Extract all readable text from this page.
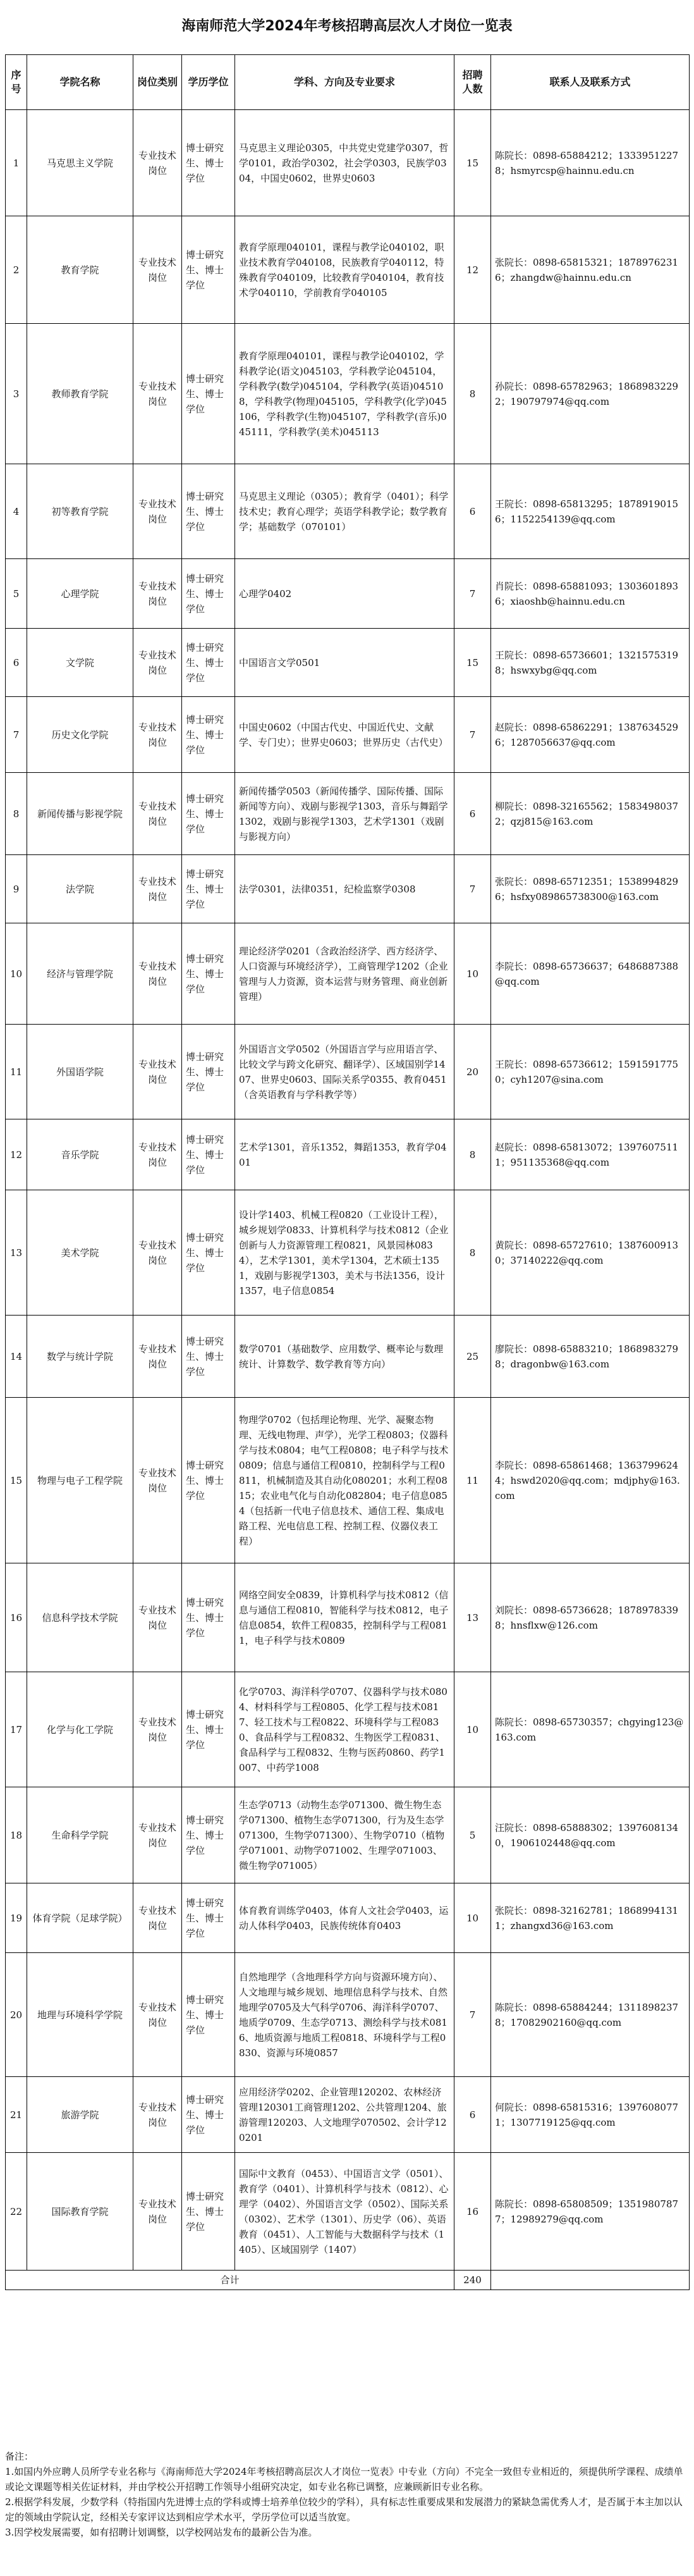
海南师范大学2024年考核招聘高层次人才岗位一览表
序号	学院名称	岗位类别	学历学位	学科、方向及专业要求	招聘人数	联系人及联系方式
1	马克思主义学院	专业技术岗位	博士研究生、博士学位	马克思主义理论0305，中共党史党建学0307，哲学0101，政治学0302，社会学0303，民族学0304，中国史0602，世界史0603	15	陈院长：0898-65884212；13339512278；hsmyrcsp@hainnu.edu.cn
2	教育学院	专业技术岗位	博士研究生、博士学位	教育学原理040101，课程与教学论040102，职业技术教育学040108，民族教育学040112，特殊教育学040109，比较教育学040104，教育技术学040110，学前教育学040105	12	张院长：0898-65815321；18789762316；zhangdw@hainnu.edu.cn
3	教师教育学院	专业技术岗位	博士研究生、博士学位	教育学原理040101，课程与教学论040102，学科教学论(语文)045103，学科教学论045104，学科教学(数学)045104，学科教学(英语)045108，学科教学(物理)045105，学科教学(化学)045106，学科教学(生物)045107，学科教学(音乐)045111，学科教学(美术)045113	8	孙院长：0898-65782963；18689832292；190797974@qq.com
4	初等教育学院	专业技术岗位	博士研究生、博士学位	马克思主义理论（0305）；教育学（0401）；科学技术史；教育心理学；英语学科教学论；数学教育学；基础数学（070101）	6	王院长：0898-65813295；18789190156；1152254139@qq.com
5	心理学院	专业技术岗位	博士研究生、博士学位	心理学0402	7	肖院长：0898-65881093；13036018936；xiaoshb@hainnu.edu.cn
6	文学院	专业技术岗位	博士研究生、博士学位	中国语言文学0501	15	王院长：0898-65736601；13215753198；hswxybg@qq.com
7	历史文化学院	专业技术岗位	博士研究生、博士学位	中国史0602（中国古代史、中国近代史、文献学、专门史）；世界史0603；世界历史（古代史）	7	赵院长：0898-65862291；13876345296；1287056637@qq.com
8	新闻传播与影视学院	专业技术岗位	博士研究生、博士学位	新闻传播学0503（新闻传播学、国际传播、国际新闻等方向）、戏剧与影视学1303，音乐与舞蹈学1302，戏剧与影视学1303，艺术学1301（戏剧与影视方向）	6	柳院长：0898-32165562；15834980372；qzj815@163.com
9	法学院	专业技术岗位	博士研究生、博士学位	法学0301，法律0351，纪检监察学0308	7	张院长：0898-65712351；15389948296；hsfxy089865738300@163.com
10	经济与管理学院	专业技术岗位	博士研究生、博士学位	理论经济学0201（含政治经济学、西方经济学、人口资源与环境经济学），工商管理学1202（企业管理与人力资源，资本运营与财务管理、商业创新管理）	10	李院长：0898-65736637；6486887388@qq.com
11	外国语学院	专业技术岗位	博士研究生、博士学位	外国语言文学0502（外国语言学与应用语言学、比较文学与跨文化研究、翻译学）、区域国别学1407、世界史0603、国际关系学0355、教育0451（含英语教育与学科教学等）	20	王院长：0898-65736612；15915917750；cyh1207@sina.com
12	音乐学院	专业技术岗位	博士研究生、博士学位	艺术学1301，音乐1352，舞蹈1353，教育学0401	8	赵院长：0898-65813072；13976075111；951135368@qq.com
13	美术学院	专业技术岗位	博士研究生、博士学位	设计学1403、机械工程0820（工业设计工程），城乡规划学0833、计算机科学与技术0812（企业创新与人力资源管理工程0821，风景园林0834），艺术学1301，美术学1304，艺术硕士1351，戏剧与影视学1303，美术与书法1356，设计1357，电子信息0854	8	黄院长：0898-65727610；13876009130；37140222@qq.com
14	数学与统计学院	专业技术岗位	博士研究生、博士学位	数学0701（基础数学、应用数学、概率论与数理统计、计算数学、数学教育等方向）	25	廖院长：0898-65883210；18689832798；dragonbw@163.com
15	物理与电子工程学院	专业技术岗位	博士研究生、博士学位	物理学0702（包括理论物理、光学、凝聚态物理、无线电物理、声学），光学工程0803；仪器科学与技术0804；电气工程0808；电子科学与技术0809；信息与通信工程0810，控制科学与工程0811，机械制造及其自动化080201；水利工程0815；农业电气化与自动化082804；电子信息0854（包括新一代电子信息技术、通信工程、集成电路工程、光电信息工程、控制工程、仪器仪表工程）	11	李院长：0898-65861468；13637996244；hswd2020@qq.com；mdjphy@163.com
16	信息科学技术学院	专业技术岗位	博士研究生、博士学位	网络空间安全0839，计算机科学与技术0812（信息与通信工程0810，智能科学与技术0812，电子信息0854，软件工程0835，控制科学与工程0811，电子科学与技术0809	13	刘院长：0898-65736628；18789783398；hnsflxw@126.com
17	化学与化工学院	专业技术岗位	博士研究生、博士学位	化学0703、海洋科学0707、仪器科学与技术0804、材料科学与工程0805、化学工程与技术0817、轻工技术与工程0822、环境科学与工程0830、食品科学与工程0832、生物医学工程0831、食品科学与工程0832、生物与医药0860、药学1007、中药学1008	10	陈院长：0898-65730357；chgying123@163.com
18	生命科学学院	专业技术岗位	博士研究生、博士学位	生态学0713（动物生态学071300、微生物生态学071300、植物生态学071300，行为及生态学071300，生物学071300）、生物学0710（植物学071001、动物学071002、生理学071003、微生物学071005）	5	汪院长：0898-65888302；13976081340，1906102448@qq.com
19	体育学院（足球学院）	专业技术岗位	博士研究生、博士学位	体育教育训练学0403，体育人文社会学0403，运动人体科学0403，民族传统体育0403	10	张院长：0898-32162781；18689941311；zhangxd36@163.com
20	地理与环境科学学院	专业技术岗位	博士研究生、博士学位	自然地理学（含地理科学方向与资源环境方向）、人文地理与城乡规划、地理信息科学与技术、自然地理学0705及大气科学0706、海洋科学0707、地质学0709、生态学0713、测绘科学与技术0816、地质资源与地质工程0818、环境科学与工程0830、资源与环境0857	7	陈院长：0898-65884244；13118982378；17082902160@qq.com
21	旅游学院	专业技术岗位	博士研究生、博士学位	应用经济学0202、企业管理120202、农林经济管理120301工商管理1202、公共管理1204、旅游管理120203、人文地理学070502、会计学120201	6	何院长：0898-65815316；13976080771；1307719125@qq.com
22	国际教育学院	专业技术岗位	博士研究生、博士学位	国际中文教育（0453）、中国语言文学（0501）、教育学（0401）、计算机科学与技术（0812）、心理学（0402）、外国语言文学（0502）、国际关系（0302）、艺术学（1301）、历史学（06）、英语教育（0451）、人工智能与大数据科学与技术（1405）、区域国别学（1407）	16	陈院长：0898-65808509；13519807877；12989279@qq.com
合计					240	

备注：

1.如国内外应聘人员所学专业名称与《海南师范大学2024年考核招聘高层次人才岗位一览表》中专业（方向）不完全一致但专业相近的，须提供所学课程、成绩单或论文课题等相关佐证材料，并由学校公开招聘工作领导小组研究决定，如专业名称已调整，应兼顾新旧专业名称。

2.根据学科发展，少数学科（特指国内先进博士点的学科或博士培养单位较少的学科），具有标志性重要成果和发展潜力的紧缺急需优秀人才，是否属于本主加以认定的领域由学院认定，经相关专家评议达到相应学术水平，学历学位可以适当放宽。

3.因学校发展需要，如有招聘计划调整，以学校网站发布的最新公告为准。
